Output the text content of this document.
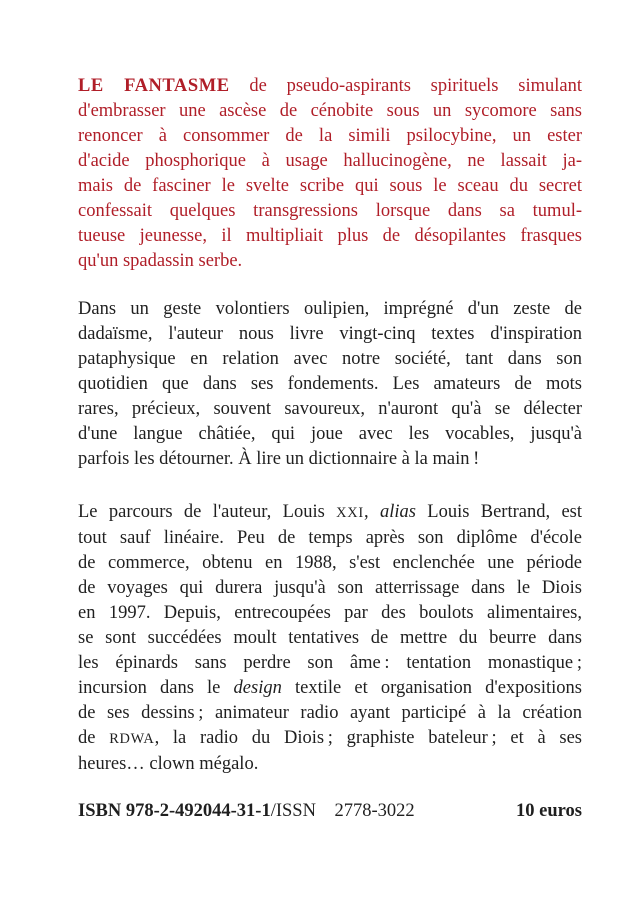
LE FANTASME de pseudo-aspirants spirituels simulant
d'embrasser une ascèse de cénobite sous un sycomore sans
renoncer à consommer de la simili psilocybine, un ester
d'acide phosphorique à usage hallucinogène, ne lassait ja-
mais de fasciner le svelte scribe qui sous le sceau du secret
confessait quelques transgressions lorsque dans sa tumul-
tueuse jeunesse, il multipliait plus de désopilantes frasques
qu'un spadassin serbe.
Dans un geste volontiers oulipien, imprégné d'un zeste de
dadaïsme, l'auteur nous livre vingt-cinq textes d'inspiration
pataphysique en relation avec notre société, tant dans son
quotidien que dans ses fondements. Les amateurs de mots
rares, précieux, souvent savoureux, n'auront qu'à se délecter
d'une langue châtiée, qui joue avec les vocables, jusqu'à
parfois les détourner. À lire un dictionnaire à la main !
Le parcours de l'auteur, Louis XXI, alias Louis Bertrand, est
tout sauf linéaire. Peu de temps après son diplôme d'école
de commerce, obtenu en 1988, s'est enclenchée une période
de voyages qui durera jusqu'à son atterrissage dans le Diois
en 1997. Depuis, entrecoupées par des boulots alimentaires,
se sont succédées moult tentatives de mettre du beurre dans
les épinards sans perdre son âme : tentation monastique ;
incursion dans le design textile et organisation d'expositions
de ses dessins ; animateur radio ayant participé à la création
de RDWA, la radio du Diois ; graphiste bateleur ; et à ses
heures… clown mégalo.
ISBN 978-2-492044-31-1/ISSN 2778-3022	10 euros
